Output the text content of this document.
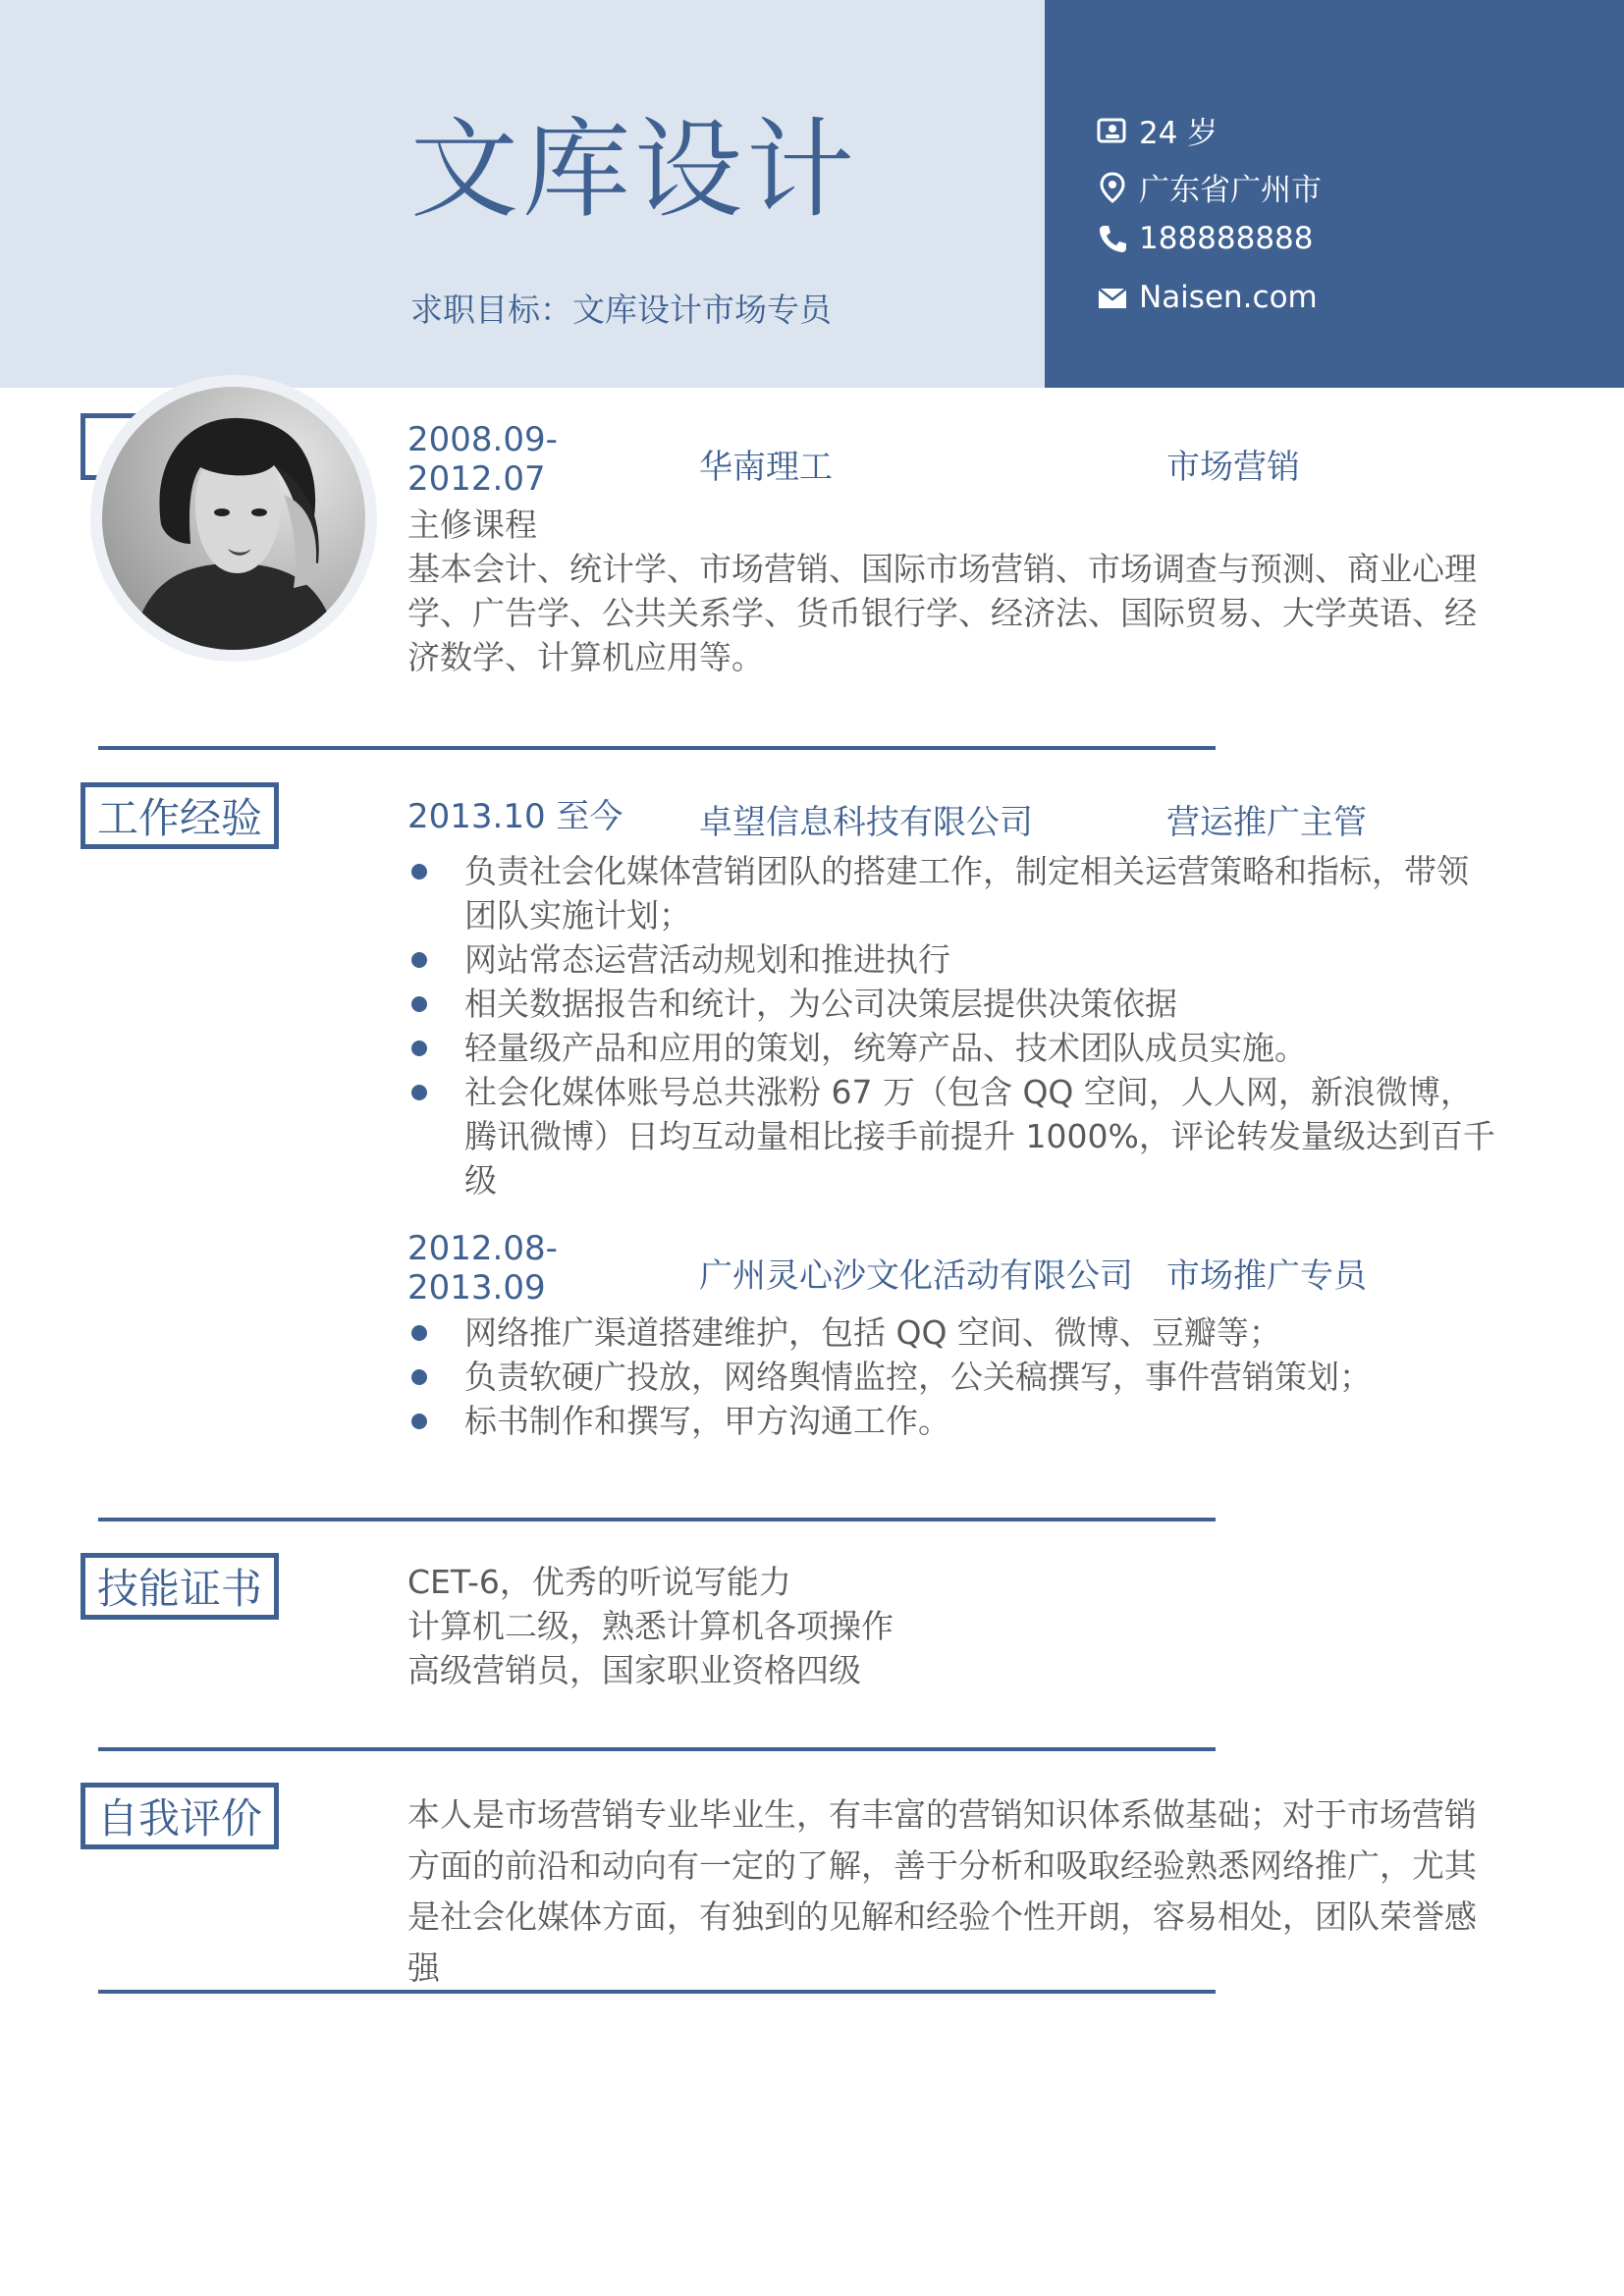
文库设计
求职目标：文库设计市场专员
24 岁
广东省广州市
188888888
Naisen.com
2008.09-
2012.07	华南理工	市场营销
主修课程
基本会计、统计学、市场营销、国际市场营销、市场调查与预测、商业心理学、广告学、公共关系学、货币银行学、经济法、国际贸易、大学英语、经济数学、计算机应用等。
工作经验	2013.10 至今 卓望信息科技有限公司	营运推广主管
负责社会化媒体营销团队的搭建工作，制定相关运营策略和指标，带领团队实施计划；
网站常态运营活动规划和推进执行
相关数据报告和统计，为公司决策层提供决策依据
轻量级产品和应用的策划，统筹产品、技术团队成员实施。
社会化媒体账号总共涨粉 67 万（包含 QQ 空间，人人网，新浪微博，腾讯微博）日均互动量相比接手前提升 1000%，评论转发量级达到百千级
2012.08-
2013.09	广州灵心沙文化活动有限公司 市场推广专员
网络推广渠道搭建维护，包括 QQ 空间、微博、豆瓣等；
负责软硬广投放，网络舆情监控，公关稿撰写，事件营销策划；
标书制作和撰写，甲方沟通工作。
技能证书	CET-6，优秀的听说写能力
计算机二级，熟悉计算机各项操作
高级营销员，国家职业资格四级
自我评价	本人是市场营销专业毕业生，有丰富的营销知识体系做基础；对于市场营销方面的前沿和动向有一定的了解，善于分析和吸取经验熟悉网络推广，尤其是社会化媒体方面，有独到的见解和经验个性开朗，容易相处，团队荣誉感强
